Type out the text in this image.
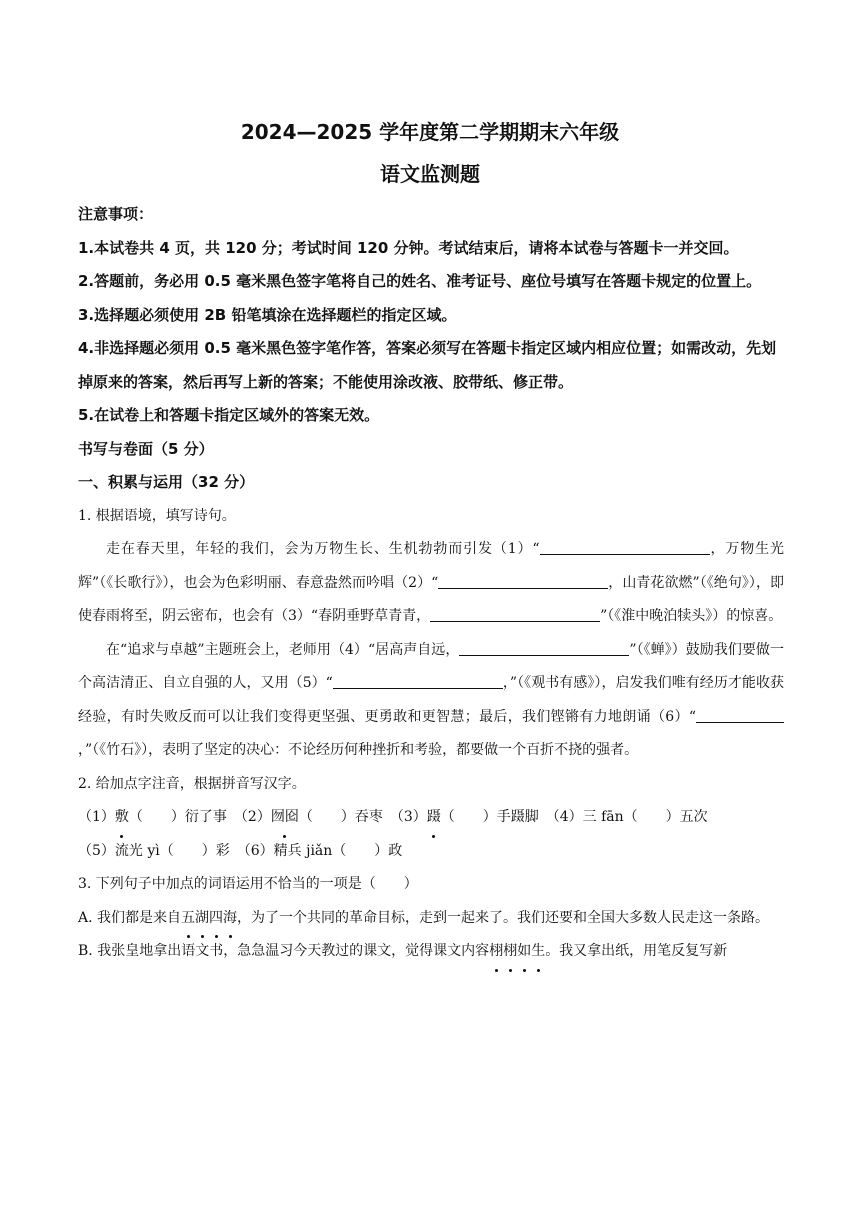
2024—2025 学年度第二学期期末六年级
语文监测题

注意事项：

1.本试卷共 4 页，共 120 分；考试时间 120 分钟。考试结束后，请将本试卷与答题卡一并交回。

2.答题前，务必用 0.5 毫米黑色签字笔将自己的姓名、准考证号、座位号填写在答题卡规定的位置上。

3.选择题必须使用 2B 铅笔填涂在选择题栏的指定区域。

4.非选择题必须用 0.5 毫米黑色签字笔作答，答案必须写在答题卡指定区域内相应位置；如需改动，先划掉原来的答案，然后再写上新的答案；不能使用涂改液、胶带纸、修正带。

5.在试卷上和答题卡指定区域外的答案无效。

书写与卷面（5 分）

一、积累与运用（32 分）

1. 根据语境，填写诗句。

走在春天里，年轻的我们，会为万物生长、生机勃勃而引发（1）“	，万物生光辉”（《长歌行》），也会为色彩明丽、春意盎然而吟唱（2）“	，山青花欲燃”（《绝句》），即使春雨将至，阴云密布，也会有（3）“春阴垂野草青青，	”（《淮中晚泊犊头》）的惊喜。

在“追求与卓越”主题班会上，老师用（4）“居高声自远，	”（《蝉》）鼓励我们要做一个高洁清正、自立自强的人，又用（5）“	，”（《观书有感》），启发我们唯有经历才能收获经验，有时失败反而可以让我们变得更坚强、更勇敢和更智慧；最后，我们铿锵有力地朗诵（6）“，”（《竹石》），表明了坚定的决心：不论经历何种挫折和考验，都要做一个百折不挠的强者。

2. 给加点字注音，根据拼音写汉字。

（1）敷（　　）衍了事　（2）囫囵（　　）吞枣　（3）蹑（　　）手蹑脚　（4）三 fān（　　）五次

（5）流光 yì（　　）彩　（6）精兵 jiǎn（　　）政

3. 下列句子中加点的词语运用不恰当的一项是（　　）

A. 我们都是来自五湖四海，为了一个共同的革命目标，走到一起来了。我们还要和全国大多数人民走这一条路。

B. 我张皇地拿出语文书，急急温习今天教过的课文，觉得课文内容栩栩如生。我又拿出纸，用笔反复写新
